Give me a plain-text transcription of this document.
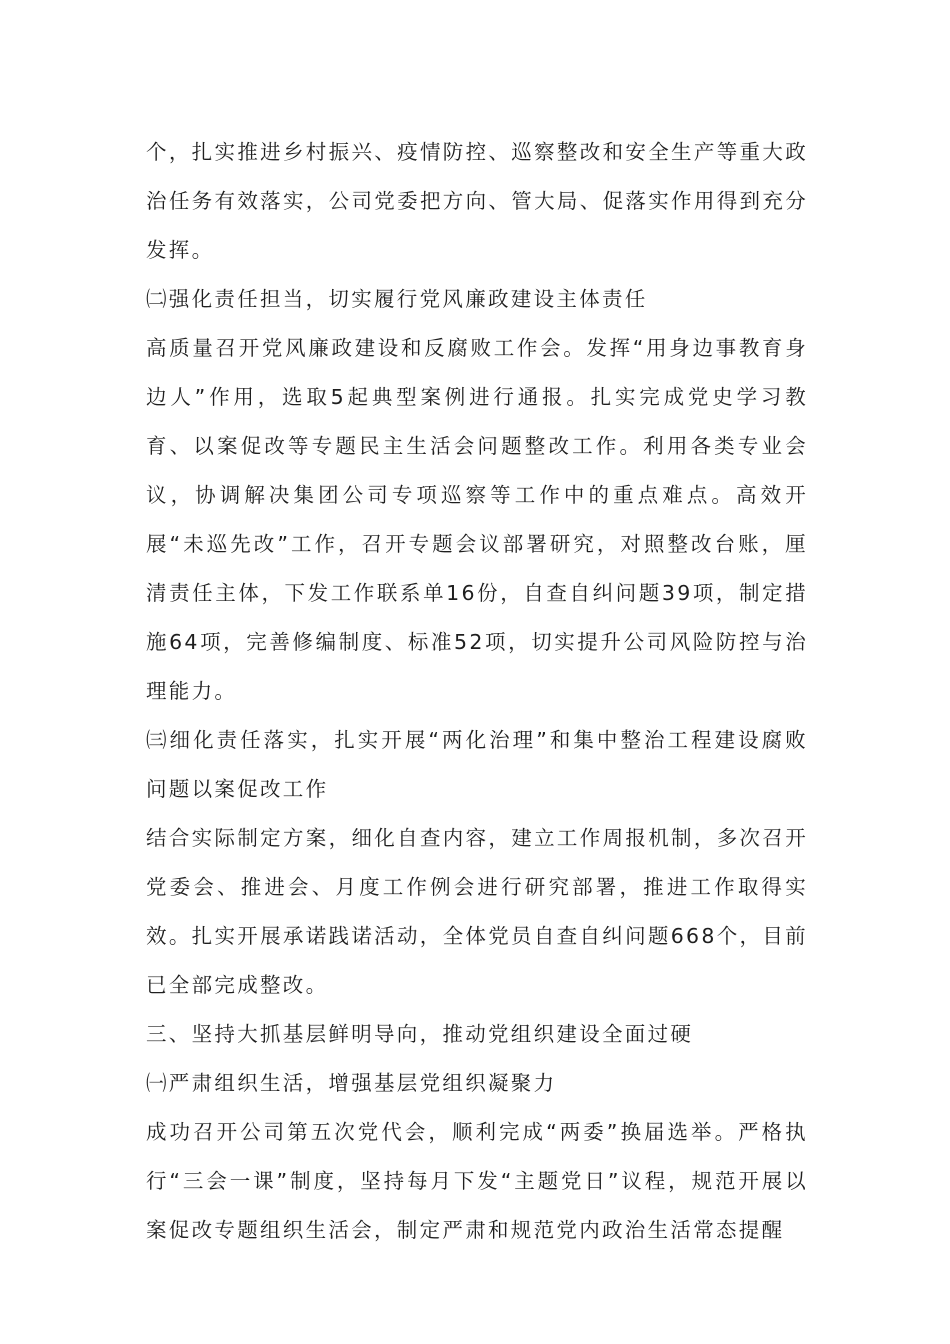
个，扎实推进乡村振兴、疫情防控、巡察整改和安全生产等重大政治任务有效落实，公司党委把方向、管大局、促落实作用得到充分发挥。

㈡强化责任担当，切实履行党风廉政建设主体责任

高质量召开党风廉政建设和反腐败工作会。发挥“用身边事教育身边人”作用，选取5起典型案例进行通报。扎实完成党史学习教育、以案促改等专题民主生活会问题整改工作。利用各类专业会议，协调解决集团公司专项巡察等工作中的重点难点。高效开展“未巡先改”工作，召开专题会议部署研究，对照整改台账，厘清责任主体，下发工作联系单16份，自查自纠问题39项，制定措施64项，完善修编制度、标准52项，切实提升公司风险防控与治理能力。

㈢细化责任落实，扎实开展“两化治理”和集中整治工程建设腐败问题以案促改工作

结合实际制定方案，细化自查内容，建立工作周报机制，多次召开党委会、推进会、月度工作例会进行研究部署，推进工作取得实效。扎实开展承诺践诺活动，全体党员自查自纠问题668个，目前已全部完成整改。

三、坚持大抓基层鲜明导向，推动党组织建设全面过硬

㈠严肃组织生活，增强基层党组织凝聚力

成功召开公司第五次党代会，顺利完成“两委”换届选举。严格执行“三会一课”制度，坚持每月下发“主题党日”议程，规范开展以案促改专题组织生活会，制定严肃和规范党内政治生活常态提醒
